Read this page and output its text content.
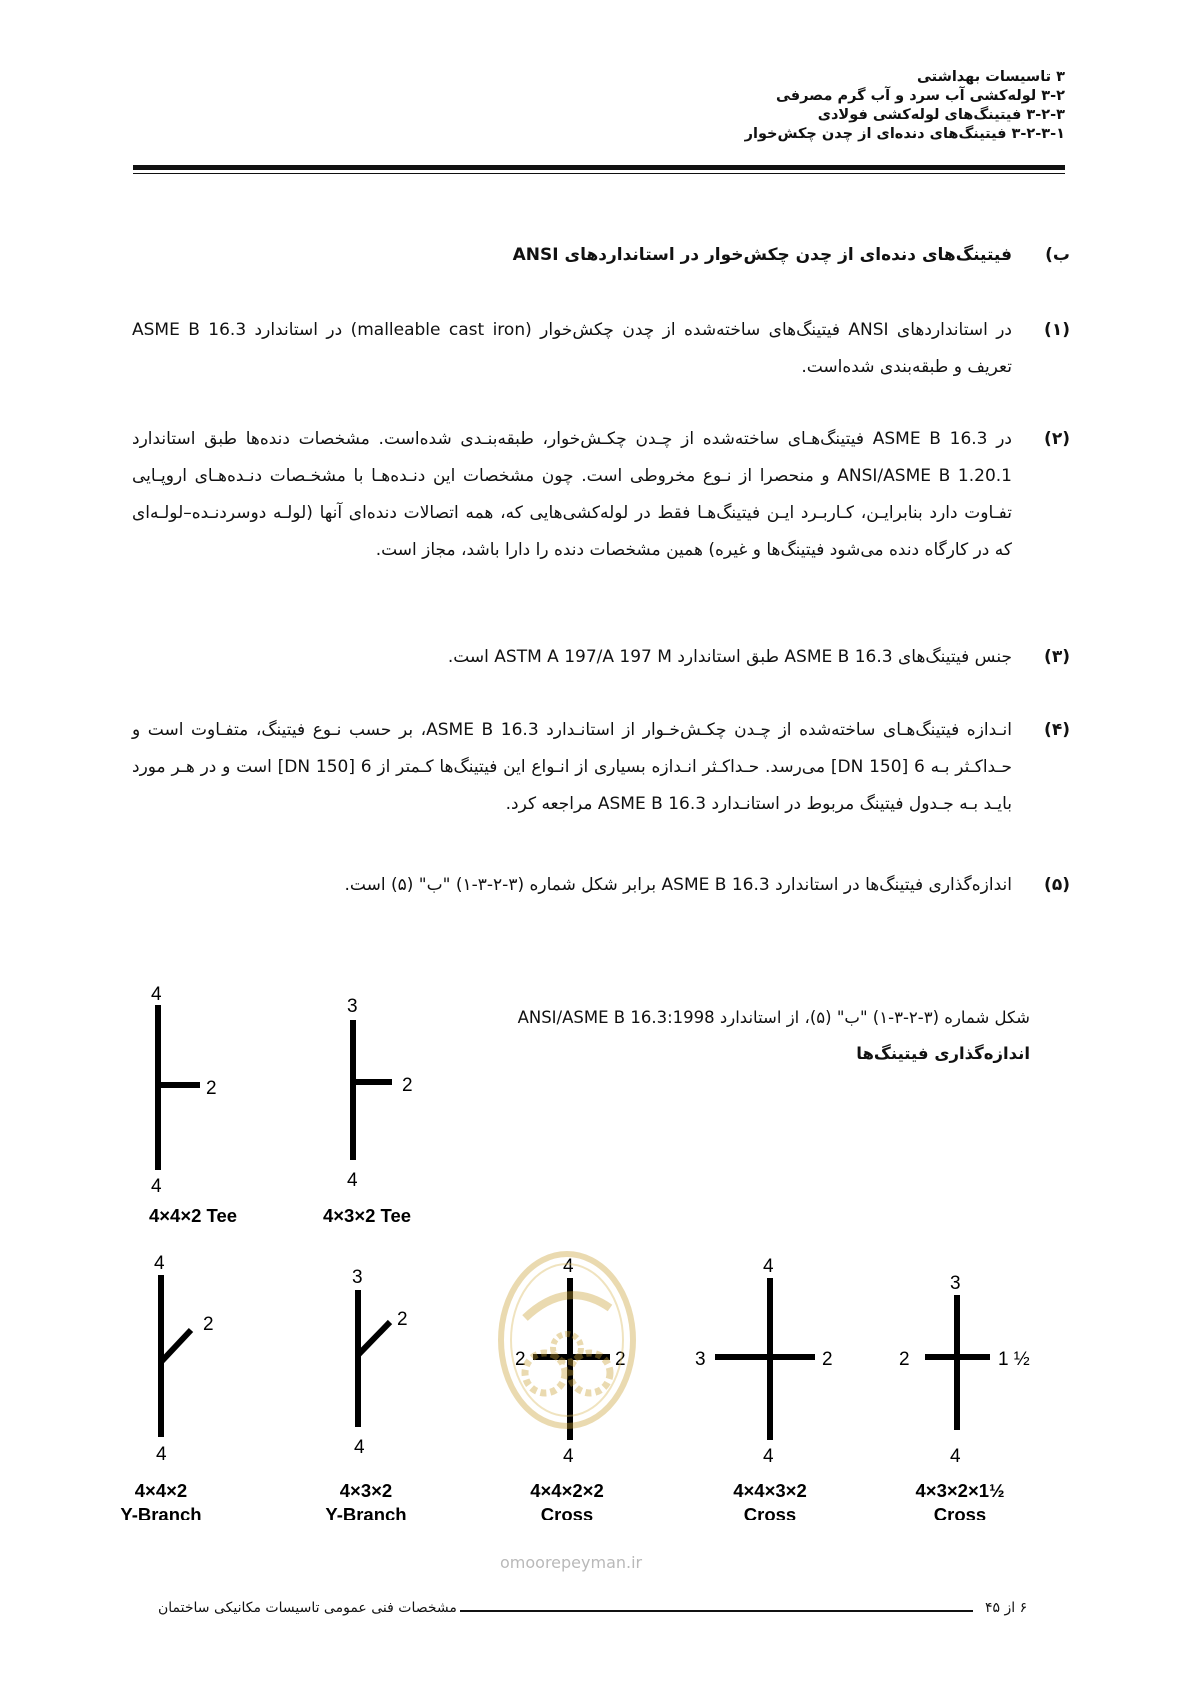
۳ تاسیسات بهداشتی
۳-۲ لوله‌کشی آب سرد و آب گرم مصرفی
۳-۲-۳ فیتینگ‌های لوله‌کشی فولادی
۳-۲-۳-۱ فیتینگ‌های دنده‌ای از چدن چکش‌خوار
ب)فیتینگ‌های دنده‌ای از چدن چکش‌خوار در استانداردهای ANSI
(۱)
در استانداردهای ANSI فیتینگ‌های ساخته‌شده از چدن چکش‌خوار (malleable cast iron) در استاندارد ASME B 16.3 تعریف و طبقه‌بندی شده‌است.
(۲)
در ASME B 16.3 فیتینگ‌هـای ساخته‌شده از چـدن چکـش‌خوار، طبقه‌بنـدی شده‌است. مشخصات دنده‌ها طبق استاندارد ANSI/ASME B 1.20.1 و منحصرا از نـوع مخروطی است. چون مشخصات این دنـده‌هـا با مشخـصات دنـده‌هـای اروپـایی تفـاوت دارد بنابرایـن، کـاربـرد ایـن فیتینگ‌هـا فقط در لوله‌کشی‌هایی که، همه اتصالات دنده‌ای آنها (لولـه دوسردنـده–لولـه‌ای که در کارگاه دنده می‌شود فیتینگ‌ها و غیره) همین مشخصات دنده را دارا باشد، مجاز است.
(۳)
جنس فیتینگ‌های ASME B 16.3 طبق استاندارد ASTM A 197/A 197 M است.
(۴)
انـدازه فیتینگ‌هـای ساخته‌شده از چـدن چکـش‌خـوار از استانـدارد ASME B 16.3، بر حسب نـوع فیتینگ، متفـاوت است و حـداکـثر بـه 6 [DN 150] می‌رسد. حـداکـثر انـدازه بسیاری از انـواع این فیتینگ‌ها کـمتر از 6 [DN 150] است و در هـر مورد بایـد بـه جـدول فیتینگ مربوط در استانـدارد ASME B 16.3 مراجعه کرد.
(۵)
اندازه‌گذاری فیتینگ‌ها در استاندارد ASME B 16.3 برابر شکل شماره (۳-۲-۳-۱) "ب" (۵) است.
شکل شماره (۳-۲-۳-۱) "ب" (۵)، از استاندارد ANSI/ASME B 16.3:1998
اندازه‌گذاری فیتینگ‌ها
4
2
4
3
2
4
4
2
4
3
2
4
4
2	2
4
4
3	2
4
3
2	1 ½
4
4×4×2 Tee	4×3×2 Tee
4×4×2
Y-Branch
4×3×2
Y-Branch
4×4×2×2
Cross
4×4×3×2
Cross
4×3×2×1½
Cross
omoorepeyman.ir
۶ از ۴۵
مشخصات فنی عمومی تاسیسات مکانیکی ساختمان
